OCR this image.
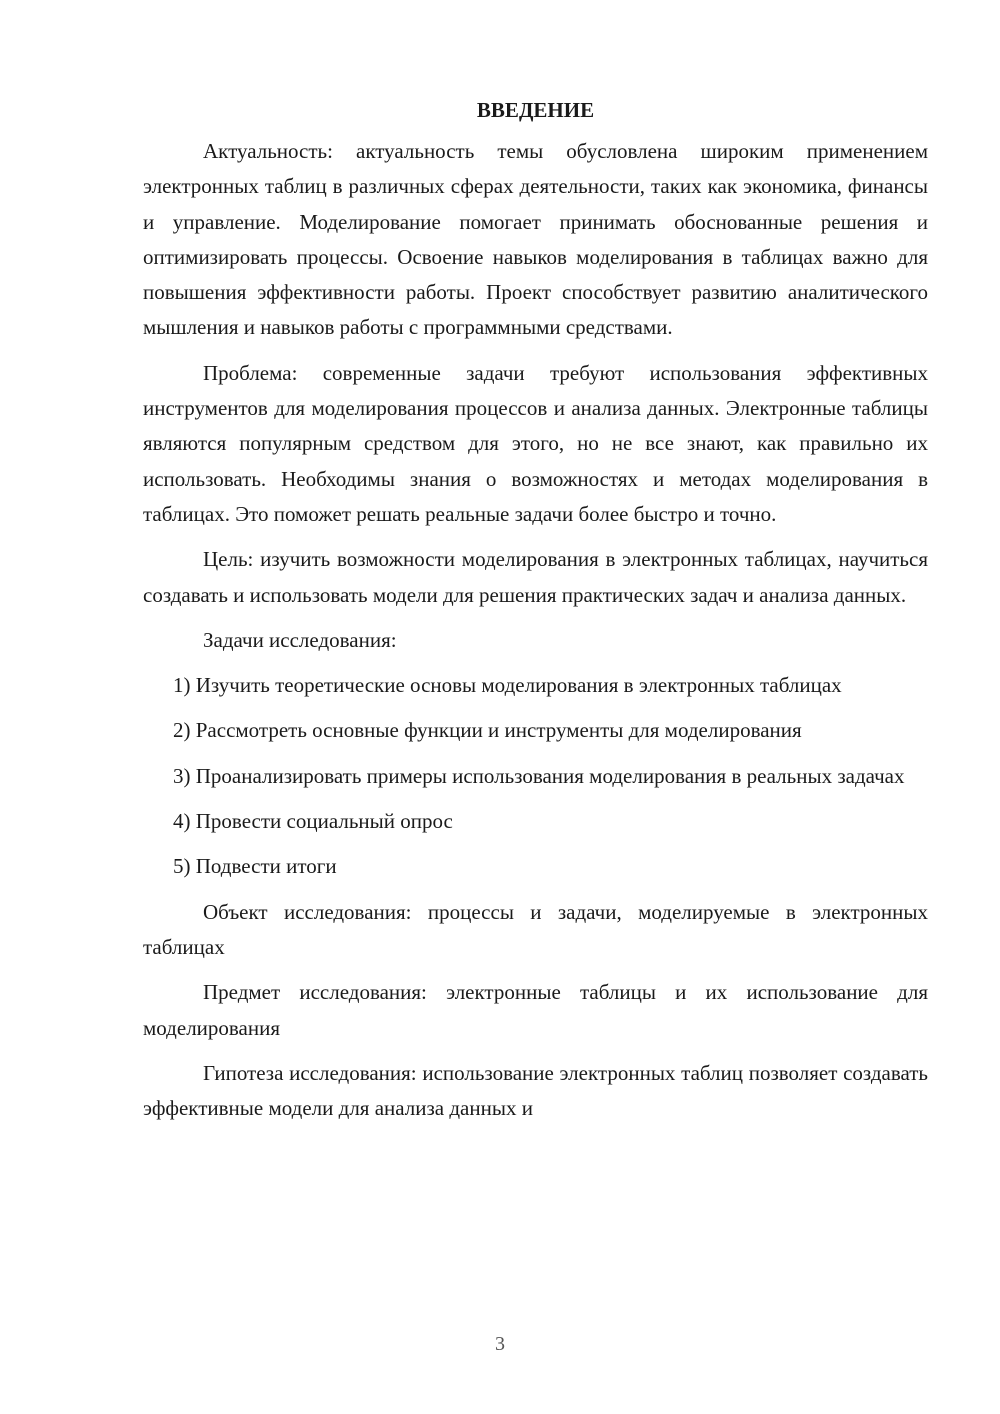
ВВЕДЕНИЕ

Актуальность: актуальность темы обусловлена широким применением электронных таблиц в различных сферах деятельности, таких как экономика, финансы и управление. Моделирование помогает принимать обоснованные решения и оптимизировать процессы. Освоение навыков моделирования в таблицах важно для повышения эффективности работы. Проект способствует развитию аналитического мышления и навыков работы с программными средствами.

Проблема: современные задачи требуют использования эффективных инструментов для моделирования процессов и анализа данных. Электронные таблицы являются популярным средством для этого, но не все знают, как правильно их использовать. Необходимы знания о возможностях и методах моделирования в таблицах. Это поможет решать реальные задачи более быстро и точно.

Цель: изучить возможности моделирования в электронных таблицах, научиться создавать и использовать модели для решения практических задач и анализа данных.

Задачи исследования:

1) Изучить теоретические основы моделирования в электронных таблицах

2) Рассмотреть основные функции и инструменты для моделирования

3) Проанализировать примеры использования моделирования в реальных задачах

4) Провести социальный опрос

5) Подвести итоги

Объект исследования: процессы и задачи, моделируемые в электронных таблицах

Предмет исследования: электронные таблицы и их использование для моделирования

Гипотеза исследования: использование электронных таблиц позволяет создавать эффективные модели для анализа данных и

3
